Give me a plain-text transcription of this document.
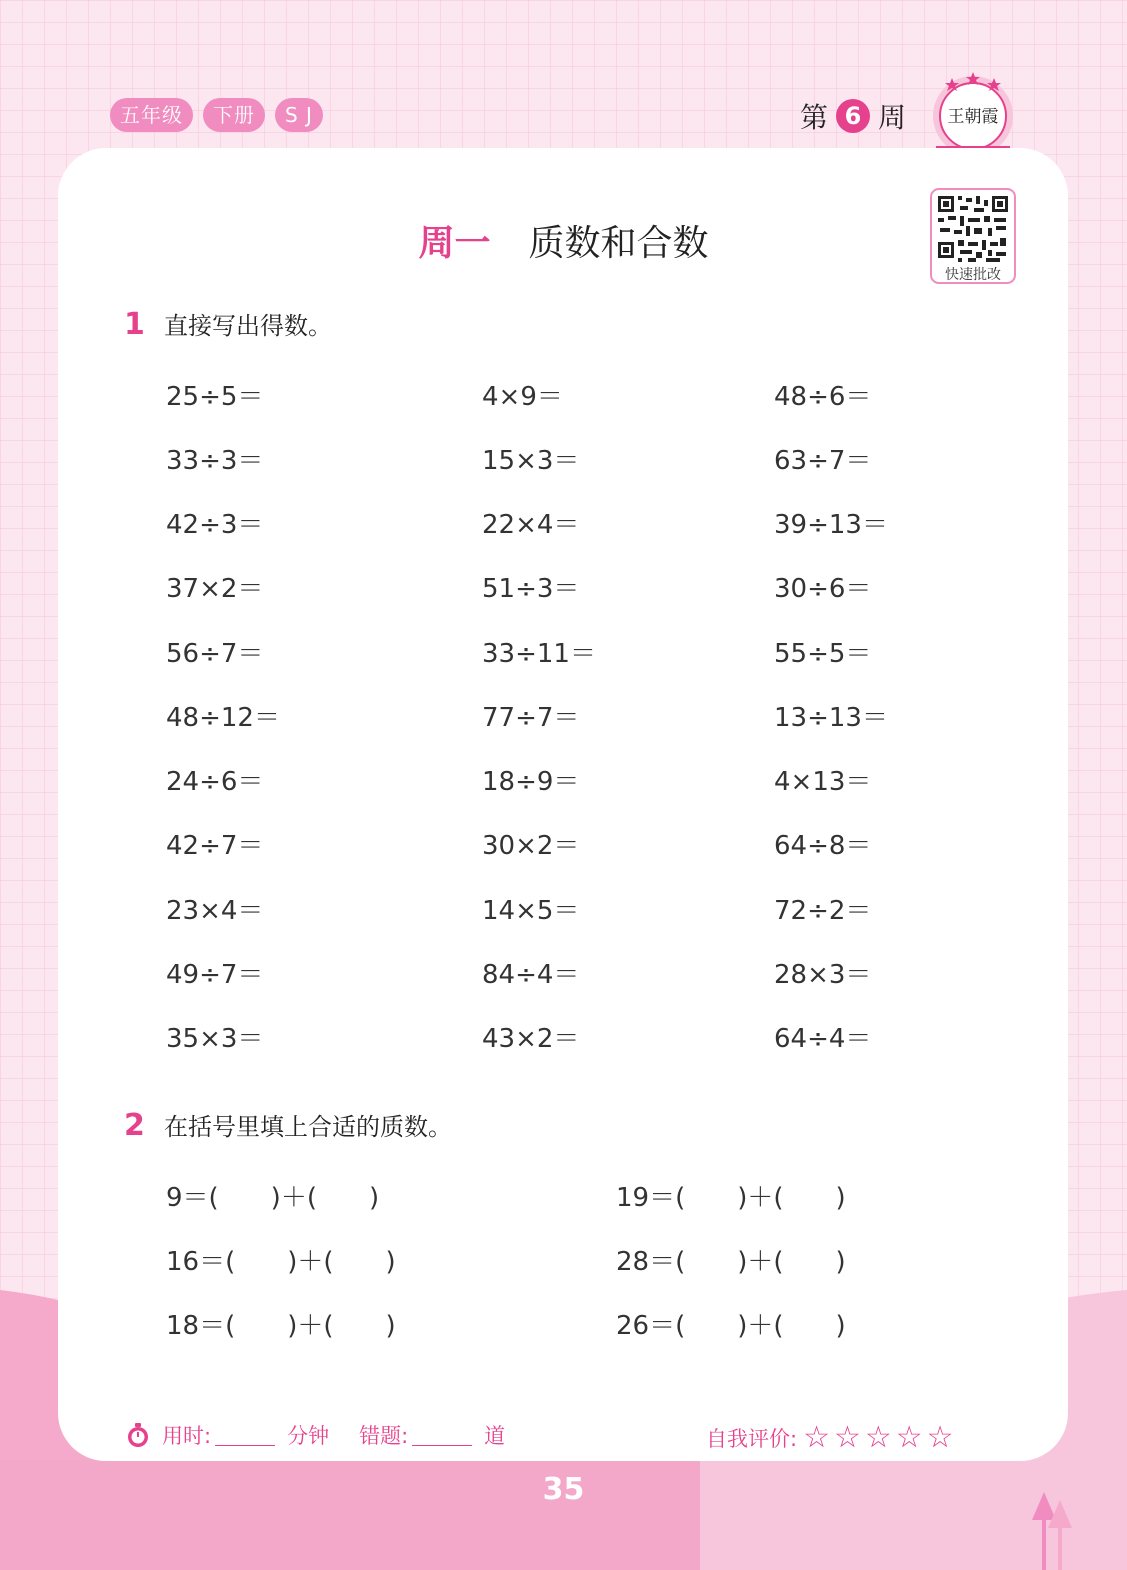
五年级	下册	S J	第 6 周 王朝霞
周一 质数和合数
快速批改
1 直接写出得数。
25÷5＝	4×9＝	48÷6＝
33÷3＝	15×3＝	63÷7＝
42÷3＝	22×4＝	39÷13＝
37×2＝	51÷3＝	30÷6＝
56÷7＝	33÷11＝	55÷5＝
48÷12＝	77÷7＝	13÷13＝
24÷6＝	18÷9＝	4×13＝
42÷7＝	30×2＝	64÷8＝
23×4＝	14×5＝	72÷2＝
49÷7＝	84÷4＝	28×3＝
35×3＝	43×2＝	64÷4＝
2 在括号里填上合适的质数。
9＝(　　)＋(　　)	19＝(　　)＋(　　)
16＝(　　)＋(　　)	28＝(　　)＋(　　)
18＝(　　)＋(　　)	26＝(　　)＋(　　)
用时:	分钟 错题:	道	自我评价: ☆☆☆☆☆
35
